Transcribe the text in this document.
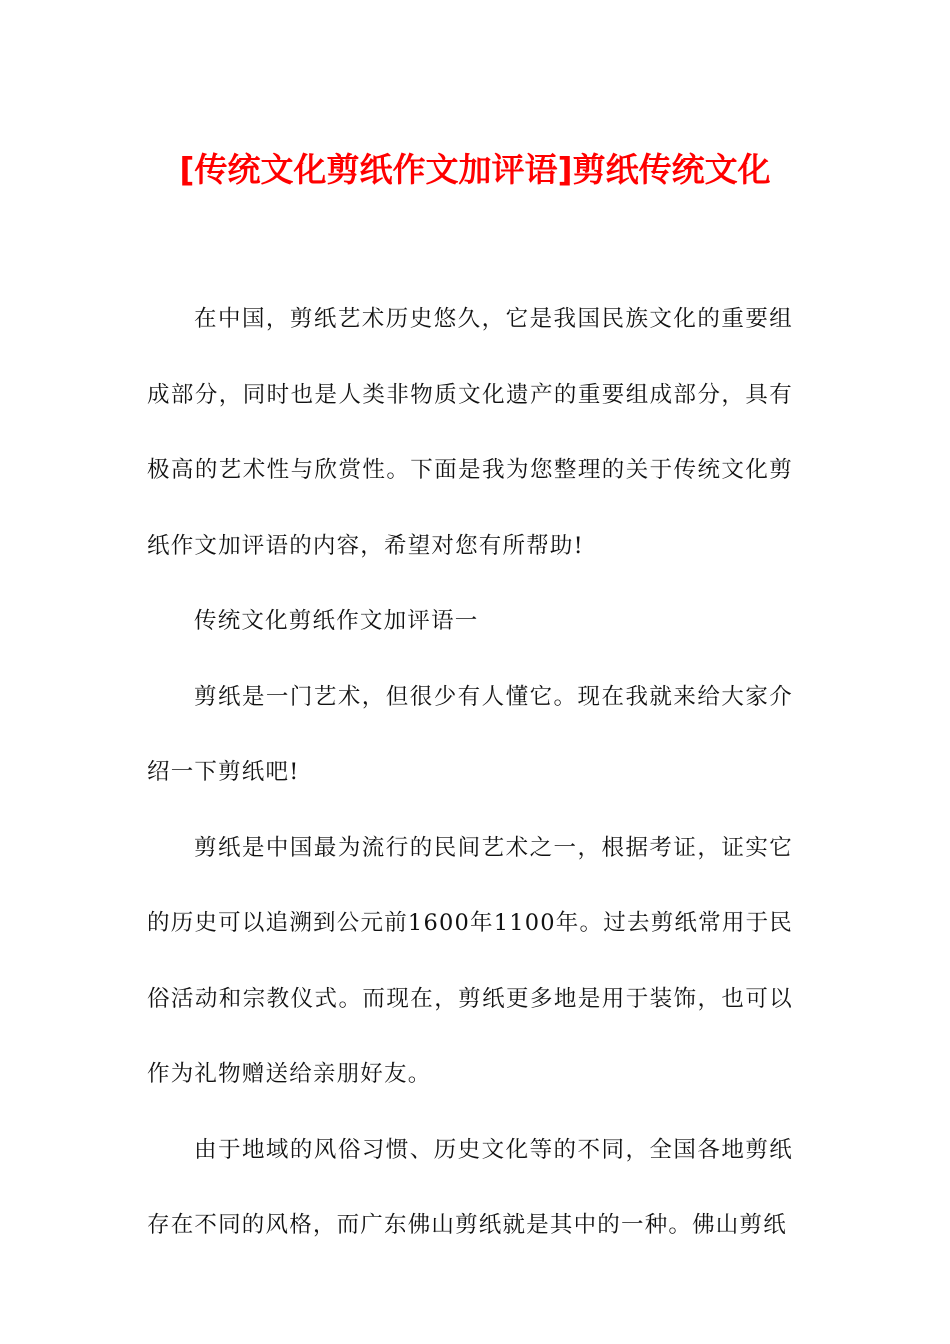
[传统文化剪纸作文加评语]剪纸传统文化

在中国，剪纸艺术历史悠久，它是我国民族文化的重要组成部分，同时也是人类非物质文化遗产的重要组成部分，具有极高的艺术性与欣赏性。下面是我为您整理的关于传统文化剪纸作文加评语的内容，希望对您有所帮助!

传统文化剪纸作文加评语一

剪纸是一门艺术，但很少有人懂它。现在我就来给大家介绍一下剪纸吧!

剪纸是中国最为流行的民间艺术之一，根据考证，证实它的历史可以追溯到公元前1600年1100年。过去剪纸常用于民俗活动和宗教仪式。而现在，剪纸更多地是用于装饰，也可以作为礼物赠送给亲朋好友。

由于地域的风俗习惯、历史文化等的不同，全国各地剪纸存在不同的风格，而广东佛山剪纸就是其中的一种。佛山剪纸
